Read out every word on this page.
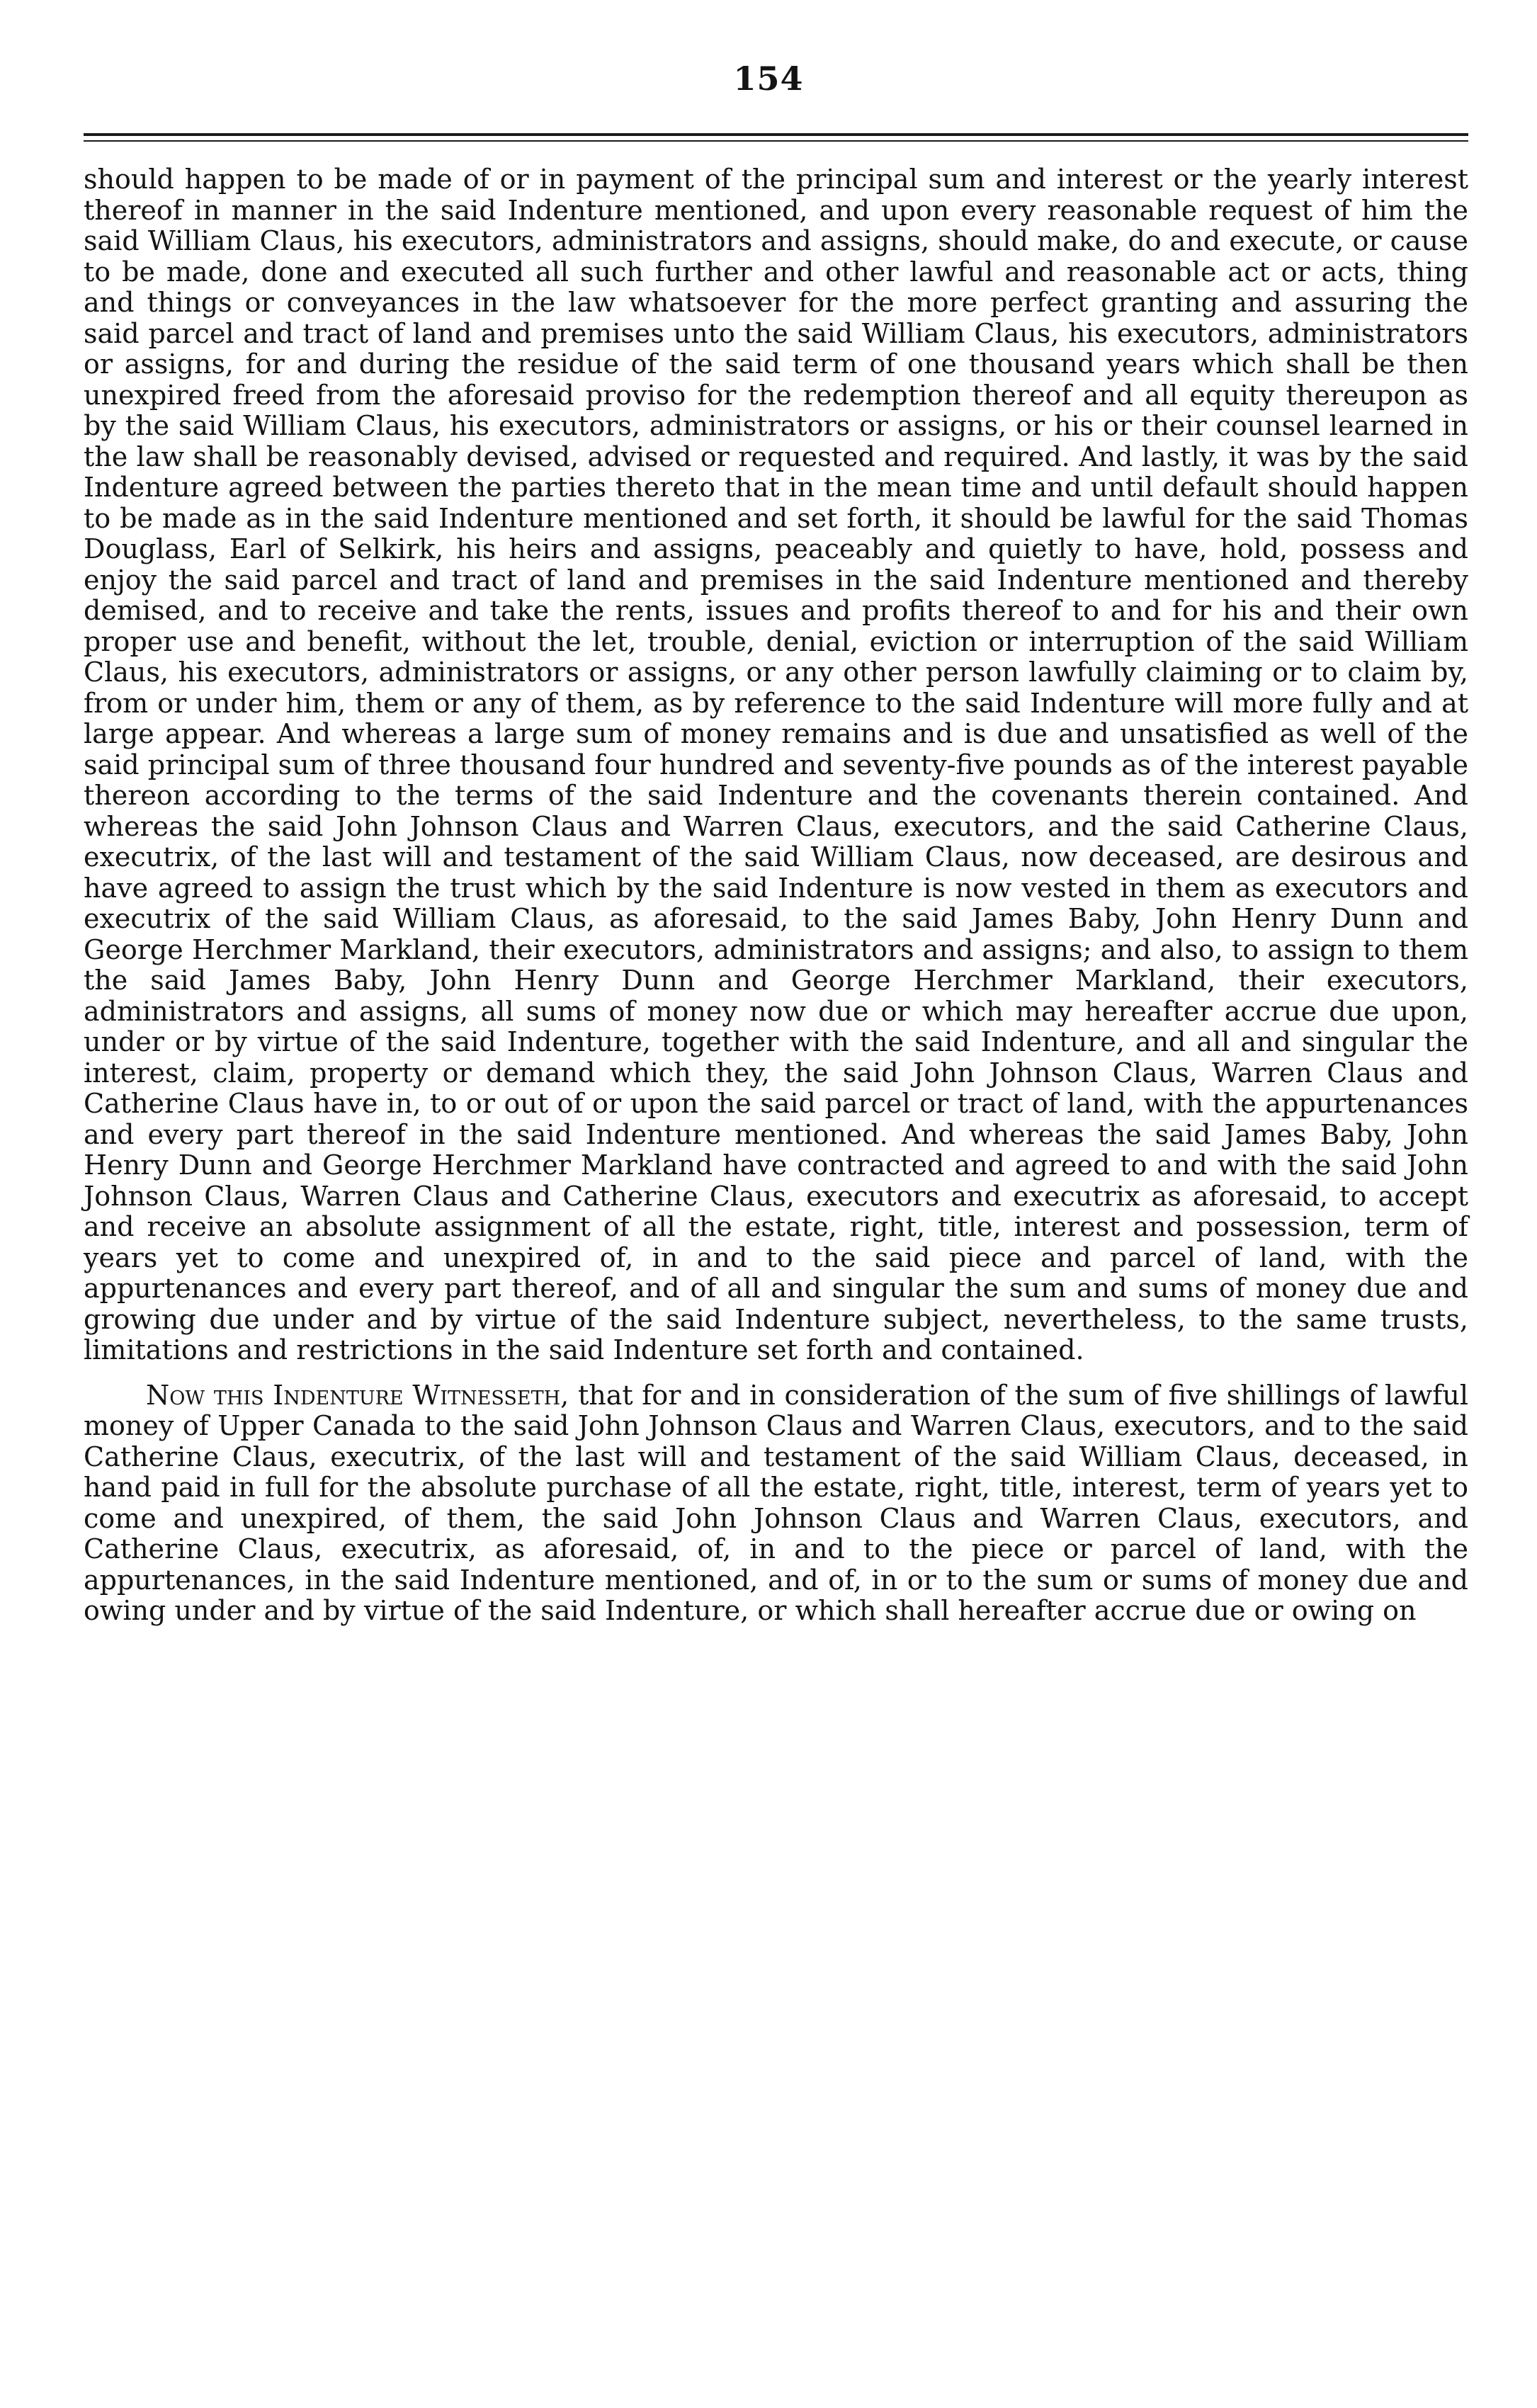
154

should happen to be made of or in payment of the principal sum and interest or the yearly interest thereof in manner in the said Indenture mentioned, and upon every reasonable request of him the said William Claus, his executors, administrators and assigns, should make, do and execute, or cause to be made, done and executed all such further and other lawful and reasonable act or acts, thing and things or conveyances in the law whatsoever for the more perfect granting and assuring the said parcel and tract of land and premises unto the said William Claus, his executors, administrators or assigns, for and during the residue of the said term of one thousand years which shall be then unexpired freed from the aforesaid proviso for the redemption thereof and all equity thereupon as by the said William Claus, his executors, administrators or assigns, or his or their counsel learned in the law shall be reasonably devised, advised or requested and required. And lastly, it was by the said Indenture agreed between the parties thereto that in the mean time and until default should happen to be made as in the said Indenture mentioned and set forth, it should be lawful for the said Thomas Douglass, Earl of Selkirk, his heirs and assigns, peaceably and quietly to have, hold, possess and enjoy the said parcel and tract of land and premises in the said Indenture mentioned and thereby demised, and to receive and take the rents, issues and profits thereof to and for his and their own proper use and benefit, without the let, trouble, denial, eviction or interruption of the said William Claus, his executors, administrators or assigns, or any other person lawfully claiming or to claim by, from or under him, them or any of them, as by reference to the said Indenture will more fully and at large appear. And whereas a large sum of money remains and is due and unsatisfied as well of the said principal sum of three thousand four hundred and seventy-five pounds as of the interest payable thereon according to the terms of the said Indenture and the covenants therein contained. And whereas the said John Johnson Claus and Warren Claus, executors, and the said Catherine Claus, executrix, of the last will and testament of the said William Claus, now deceased, are desirous and have agreed to assign the trust which by the said Indenture is now vested in them as executors and executrix of the said William Claus, as aforesaid, to the said James Baby, John Henry Dunn and George Herchmer Markland, their executors, administrators and assigns; and also, to assign to them the said James Baby, John Henry Dunn and George Herchmer Markland, their executors, administrators and assigns, all sums of money now due or which may hereafter accrue due upon, under or by virtue of the said Indenture, together with the said Indenture, and all and singular the interest, claim, property or demand which they, the said John Johnson Claus, Warren Claus and Catherine Claus have in, to or out of or upon the said parcel or tract of land, with the appurtenances and every part thereof in the said Indenture mentioned. And whereas the said James Baby, John Henry Dunn and George Herchmer Markland have contracted and agreed to and with the said John Johnson Claus, Warren Claus and Catherine Claus, executors and executrix as aforesaid, to accept and receive an absolute assignment of all the estate, right, title, interest and possession, term of years yet to come and unexpired of, in and to the said piece and parcel of land, with the appurtenances and every part thereof, and of all and singular the sum and sums of money due and growing due under and by virtue of the said Indenture subject, nevertheless, to the same trusts, limitations and restrictions in the said Indenture set forth and contained.

Now this Indenture Witnesseth, that for and in consideration of the sum of five shillings of lawful money of Upper Canada to the said John Johnson Claus and Warren Claus, executors, and to the said Catherine Claus, executrix, of the last will and testament of the said William Claus, deceased, in hand paid in full for the absolute purchase of all the estate, right, title, interest, term of years yet to come and unexpired, of them, the said John Johnson Claus and Warren Claus, executors, and Catherine Claus, executrix, as aforesaid, of, in and to the piece or parcel of land, with the appurtenances, in the said Indenture mentioned, and of, in or to the sum or sums of money due and owing under and by virtue of the said Indenture, or which shall hereafter accrue due or owing on
